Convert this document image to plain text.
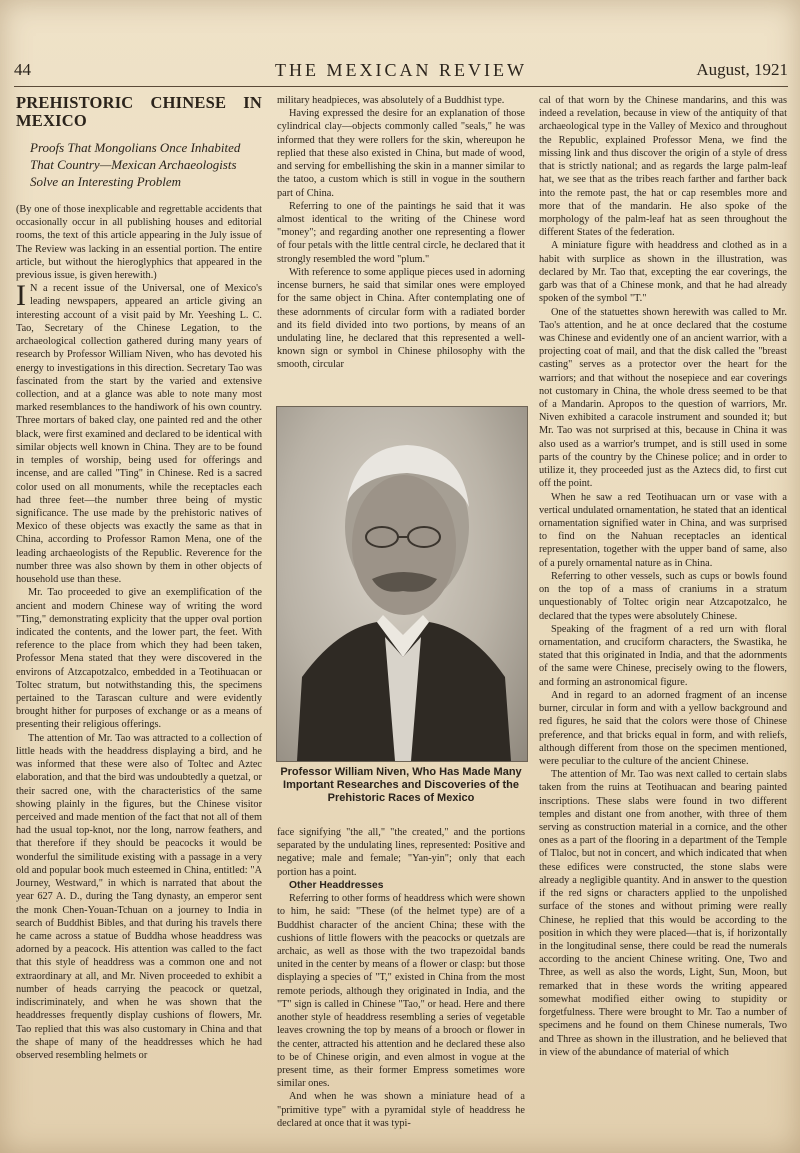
44	THE MEXICAN REVIEW	August, 1921
PREHISTORIC CHINESE IN MEXICO
Proofs That Mongolians Once Inhabited That Country—Mexican Archaeologists Solve an Interesting Problem

(By one of those inexplicable and regrettable accidents that occasionally occur in all publishing houses and editorial rooms, the text of this article appearing in the July issue of The Review was lacking in an essential portion. The entire article, but without the hieroglyphics that appeared in the previous issue, is given herewith.)

I N a recent issue of the Universal, one of Mexico's leading newspapers, appeared an article giving an interesting account of a visit paid by Mr. Yeeshing L. C. Tao, Secretary of the Chinese Legation, to the archaeological collection gathered during many years of research by Professor William Niven, who has devoted his energy to investigations in this direction. Secretary Tao was fascinated from the start by the varied and extensive collection, and at a glance was able to note many most marked resemblances to the handiwork of his own country. Three mortars of baked clay, one painted red and the other black, were first examined and declared to be identical with similar objects well known in China. They are to be found in temples of worship, being used for offerings and incense, and are called "Ting" in Chinese. Red is a sacred color used on all monuments, while the receptacles each had three feet—the number three being of mystic significance. The use made by the prehistoric natives of Mexico of these objects was exactly the same as that in China, according to Professor Ramon Mena, one of the leading archaeologists of the Republic. Reverence for the number three was also shown by them in other objects of household use than these.

Mr. Tao proceeded to give an exemplification of the ancient and modern Chinese way of writing the word "Ting," demonstrating explicity that the upper oval portion indicated the contents, and the lower part, the feet. With reference to the place from which they had been taken, Professor Mena stated that they were discovered in the environs of Atzcapotzalco, embedded in a Teotihuacan or Toltec stratum, but notwithstanding this, the specimens pertained to the Tarascan culture and were evidently brought hither for purposes of exchange or as a means of presenting their religious offerings.

The attention of Mr. Tao was attracted to a collection of little heads with the headdress displaying a bird, and he was informed that these were also of Toltec and Aztec elaboration, and that the bird was undoubtedly a quetzal, or their sacred one, with the characteristics of the same showing plainly in the figures, but the Chinese visitor perceived and made mention of the fact that not all of them had the usual top-knot, nor the long, narrow feathers, and that therefore if they should be peacocks it would be wonderful the similitude existing with a passage in a very old and popular book much esteemed in China, entitled: "A Journey, Westward," in which is narrated that about the year 627 A. D., during the Tang dynasty, an emperor sent the monk Chen-Youan-Tchuan on a journey to India in search of Buddhist Bibles, and that during his travels there he came across a statue of Buddha whose headdress was adorned by a peacock. His attention was called to the fact that this style of headdress was a common one and not extraordinary at all, and Mr. Niven proceeded to exhibit a number of heads carrying the peacock or quetzal, indiscriminately, and when he was shown that the headdresses frequently display cushions of flowers, Mr. Tao replied that this was also customary in China and that the shape of many of the headdresses which he had observed resembling helmets or

military headpieces, was absolutely of a Buddhist type.

Having expressed the desire for an explanation of those cylindrical clay—objects commonly called "seals," he was informed that they were rollers for the skin, whereupon he replied that these also existed in China, but made of wood, and serving for embellishing the skin in a manner similar to the tatoo, a custom which is still in vogue in the southern part of China.

Referring to one of the paintings he said that it was almost identical to the writing of the Chinese word "money"; and regarding another one representing a flower of four petals with the little central circle, he declared that it strongly resembled the word "plum."

With reference to some applique pieces used in adorning incense burners, he said that similar ones were employed for the same object in China. After contemplating one of these adornments of circular form with a radiated border and its field divided into two portions, by means of an undulating line, he declared that this represented a well-known sign or symbol in Chinese philosophy with the smooth, circular

Professor William Niven, Who Has Made Many Important Researches and Discoveries of the Prehistoric Races of Mexico

face signifying "the all," "the created," and the portions separated by the undulating lines, represented: Positive and negative; male and female; "Yan-yin"; only that each portion has a point.

Other Headdresses

Referring to other forms of headdress which were shown to him, he said: "These (of the helmet type) are of a Buddhist character of the ancient China; these with the cushions of little flowers with the peacocks or quetzals are archaic, as well as those with the two trapezoidal bands united in the center by means of a flower or clasp: but those displaying a species of "T," existed in China from the most remote periods, although they originated in India, and the "T" sign is called in Chinese "Tao," or head. Here and there another style of headdress resembling a series of vegetable leaves crowning the top by means of a brooch or flower in the center, attracted his attention and he declared these also to be of Chinese origin, and even almost in vogue at the present time, as their former Empress sometimes wore similar ones.

And when he was shown a miniature head of a "primitive type" with a pyramidal style of headdress he declared at once that it was typi-

cal of that worn by the Chinese mandarins, and this was indeed a revelation, because in view of the antiquity of that archaeological type in the Valley of Mexico and throughout the Republic, explained Professor Mena, we find the missing link and thus discover the origin of a style of dress that is strictly national; and as regards the large palm-leaf hat, we see that as the tribes reach farther and farther back into the remote past, the hat or cap resembles more and more that of the mandarin. He also spoke of the morphology of the palm-leaf hat as seen throughout the different States of the federation.

A miniature figure with headdress and clothed as in a habit with surplice as shown in the illustration, was declared by Mr. Tao that, excepting the ear coverings, the garb was that of a Chinese monk, and that he had already spoken of the symbol "T."

One of the statuettes shown herewith was called to Mr. Tao's attention, and he at once declared that the costume was Chinese and evidently one of an ancient warrior, with a projecting coat of mail, and that the disk called the "breast casting" serves as a protector over the heart for the warriors; and that without the nosepiece and ear coverings not customary in China, the whole dress seemed to be that of a Mandarin. Apropos to the question of warriors, Mr. Niven exhibited a caracole instrument and sounded it; but Mr. Tao was not surprised at this, because in China it was also used as a warrior's trumpet, and is still used in some parts of the country by the Chinese police; and in order to utilize it, they proceeded just as the Aztecs did, to first cut off the point.

When he saw a red Teotihuacan urn or vase with a vertical undulated ornamentation, he stated that an identical ornamentation signified water in China, and was surprised to find on the Nahuan receptacles an identical representation, together with the upper band of same, also of a purely ornamental nature as in China.

Referring to other vessels, such as cups or bowls found on the top of a mass of craniums in a stratum unquestionably of Toltec origin near Atzcapotzalco, he declared that the types were absolutely Chinese.

Speaking of the fragment of a red urn with floral ornamentation, and cruciform characters, the Swastika, he stated that this originated in India, and that the adornments of the same were Chinese, precisely owing to the flowers, and forming an astronomical figure.

And in regard to an adorned fragment of an incense burner, circular in form and with a yellow background and red figures, he said that the colors were those of Chinese preference, and that bricks equal in form, and with reliefs, although different from those on the specimen mentioned, were peculiar to the culture of the ancient Chinese.

The attention of Mr. Tao was next called to certain slabs taken from the ruins at Teotihuacan and bearing painted inscriptions. These slabs were found in two different temples and distant one from another, with three of them serving as construction material in a cornice, and the other ones as a part of the flooring in a department of the Temple of Tlaloc, but not in concert, and which indicated that when these edifices were constructed, the stone slabs were already a negligible quantity. And in answer to the question if the red signs or characters applied to the unpolished surface of the stones and without priming were really Chinese, he replied that this would be according to the position in which they were placed—that is, if horizontally in the longitudinal sense, there could be read the numerals according to the ancient Chinese writing. One, Two and Three, as well as also the words, Light, Sun, Moon, but remarked that in these words the writing appeared somewhat modified either owing to stupidity or forgetfulness. There were brought to Mr. Tao a number of specimens and he found on them Chinese numerals, Two and Three as shown in the illustration, and he believed that in view of the abundance of material of which
